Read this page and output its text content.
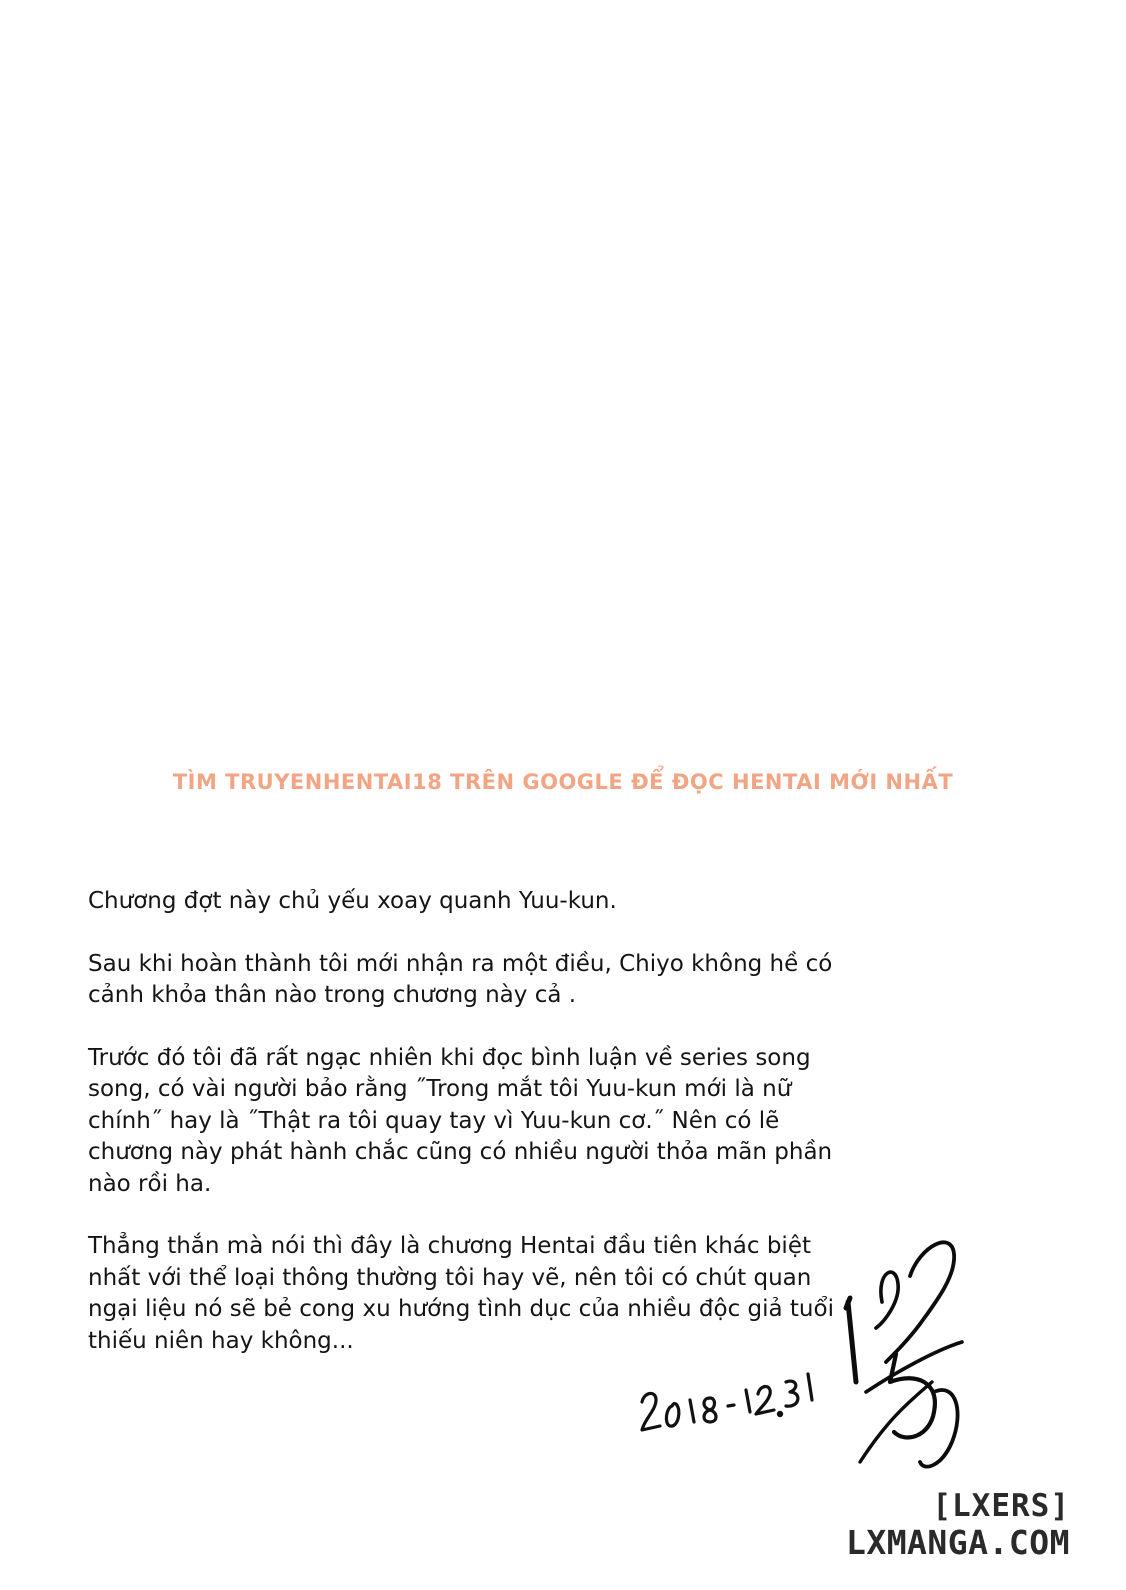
TÌM TRUYENHENTAI18 TRÊN GOOGLE ĐỂ ĐỌC HENTAI MỚI NHẤT

Chương đợt này chủ yếu xoay quanh Yuu-kun.

Sau khi hoàn thành tôi mới nhận ra một điều, Chiyo không hề có cảnh khỏa thân nào trong chương này cả .

Trước đó tôi đã rất ngạc nhiên khi đọc bình luận về series song song, có vài người bảo rằng ˝Trong mắt tôi Yuu-kun mới là nữ chính˝ hay là ˝Thật ra tôi quay tay vì Yuu-kun cơ.˝ Nên có lẽ chương này phát hành chắc cũng có nhiều người thỏa mãn phần nào rồi ha.

Thẳng thắn mà nói thì đây là chương Hentai đầu tiên khác biệt nhất với thể loại thông thường tôi hay vẽ, nên tôi có chút quan ngại liệu nó sẽ bẻ cong xu hướng tình dục của nhiều độc giả tuổi thiếu niên hay không...

[LXERS]
LXMANGA.COM
